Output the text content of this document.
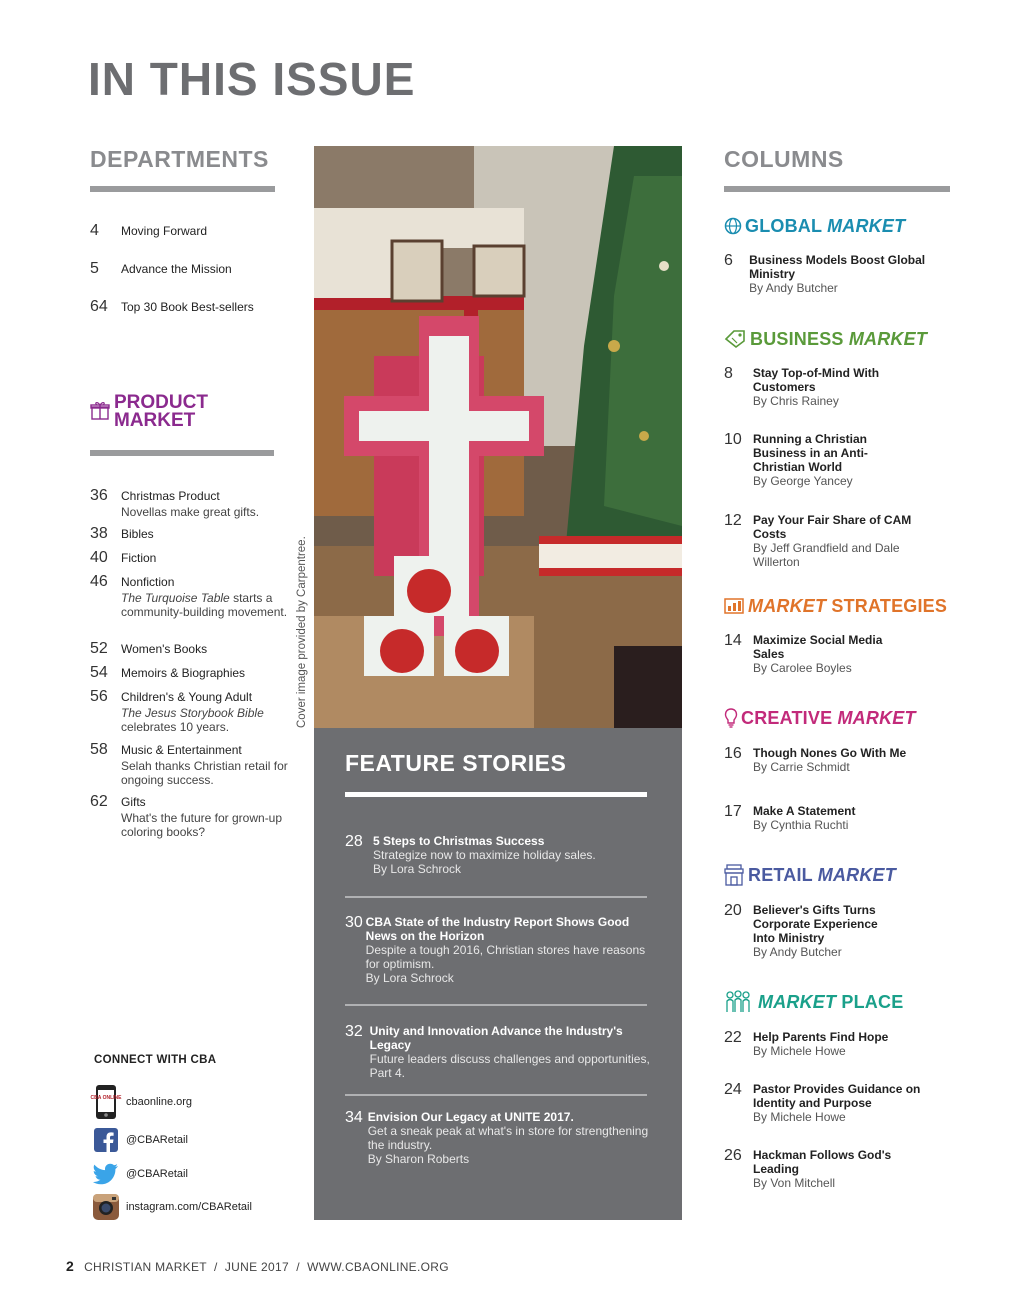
IN THIS ISSUE
DEPARTMENTS
4	Moving Forward
5	Advance the Mission
64	Top 30 Book Best-sellers
PRODUCT
MARKET
36	Christmas Product
Novellas make great gifts.
38	Bibles
40	Fiction
46	Nonfiction
The Turquoise Table starts a community-building movement.
52	Women's Books
54	Memoirs & Biographies
56	Children's & Young Adult
The Jesus Storybook Bible celebrates 10 years.
58	Music & Entertainment
Selah thanks Christian retail for ongoing success.
62	Gifts
What's the future for grown-up coloring books?
Cover image provided by Carpentree.
FEATURE STORIES
28 5 Steps to Christmas Success
Strategize now to maximize holiday sales.
By Lora Schrock
30 CBA State of the Industry Report Shows Good News on the Horizon
Despite a tough 2016, Christian stores have reasons for optimism.
By Lora Schrock
32 Unity and Innovation Advance the Industry's Legacy
Future leaders discuss challenges and opportunities, Part 4.
34 Envision Our Legacy at UNITE 2017.
Get a sneak peak at what's in store for strengthening the industry.
By Sharon Roberts
CONNECT WITH CBA
CBA ONLINE cbaonline.org
@CBARetail
@CBARetail
instagram.com/CBARetail
COLUMNS
GLOBAL MARKET
6	Business Models Boost Global Ministry
By Andy Butcher
BUSINESS MARKET
8	Stay Top-of-Mind With Customers
By Chris Rainey
10 Running a Christian Business in an Anti-Christian World
By George Yancey
12 Pay Your Fair Share of CAM Costs
By Jeff Grandfield and Dale Willerton
MARKET STRATEGIES
14 Maximize Social Media Sales
By Carolee Boyles
CREATIVE MARKET
16 Though Nones Go With Me
By Carrie Schmidt
17 Make A Statement
By Cynthia Ruchti
RETAIL MARKET
20 Believer's Gifts Turns Corporate Experience Into Ministry
By Andy Butcher
MARKET PLACE
22 Help Parents Find Hope
By Michele Howe
24 Pastor Provides Guidance on Identity and Purpose
By Michele Howe
26 Hackman Follows God's Leading
By Von Mitchell
2 CHRISTIAN MARKET  /  JUNE 2017  /  WWW.CBAONLINE.ORG
